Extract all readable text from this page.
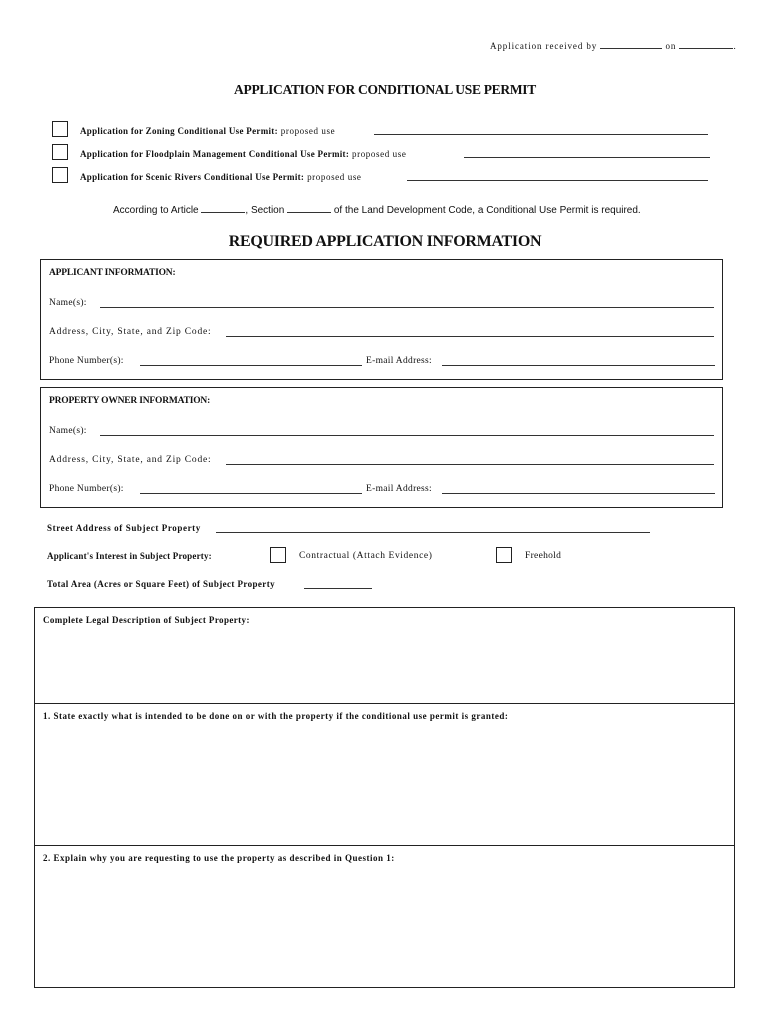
Application received by	on	.
APPLICATION FOR CONDITIONAL USE PERMIT
Application for Zoning Conditional Use Permit: proposed use
Application for Floodplain Management Conditional Use Permit: proposed use
Application for Scenic Rivers Conditional Use Permit: proposed use
According to Article	, Section	of the Land Development Code, a Conditional Use Permit is required.
REQUIRED APPLICATION INFORMATION
APPLICANT INFORMATION:
Name(s):
Address, City, State, and Zip Code:
Phone Number(s):	E-mail Address:
PROPERTY OWNER INFORMATION:
Name(s):
Address, City, State, and Zip Code:
Phone Number(s):	E-mail Address:
Street Address of Subject Property
Applicant's Interest in Subject Property:	Contractual (Attach Evidence)	Freehold
Total Area (Acres or Square Feet) of Subject Property
Complete Legal Description of Subject Property:
1. State exactly what is intended to be done on or with the property if the conditional use permit is granted:
2. Explain why you are requesting to use the property as described in Question 1:
